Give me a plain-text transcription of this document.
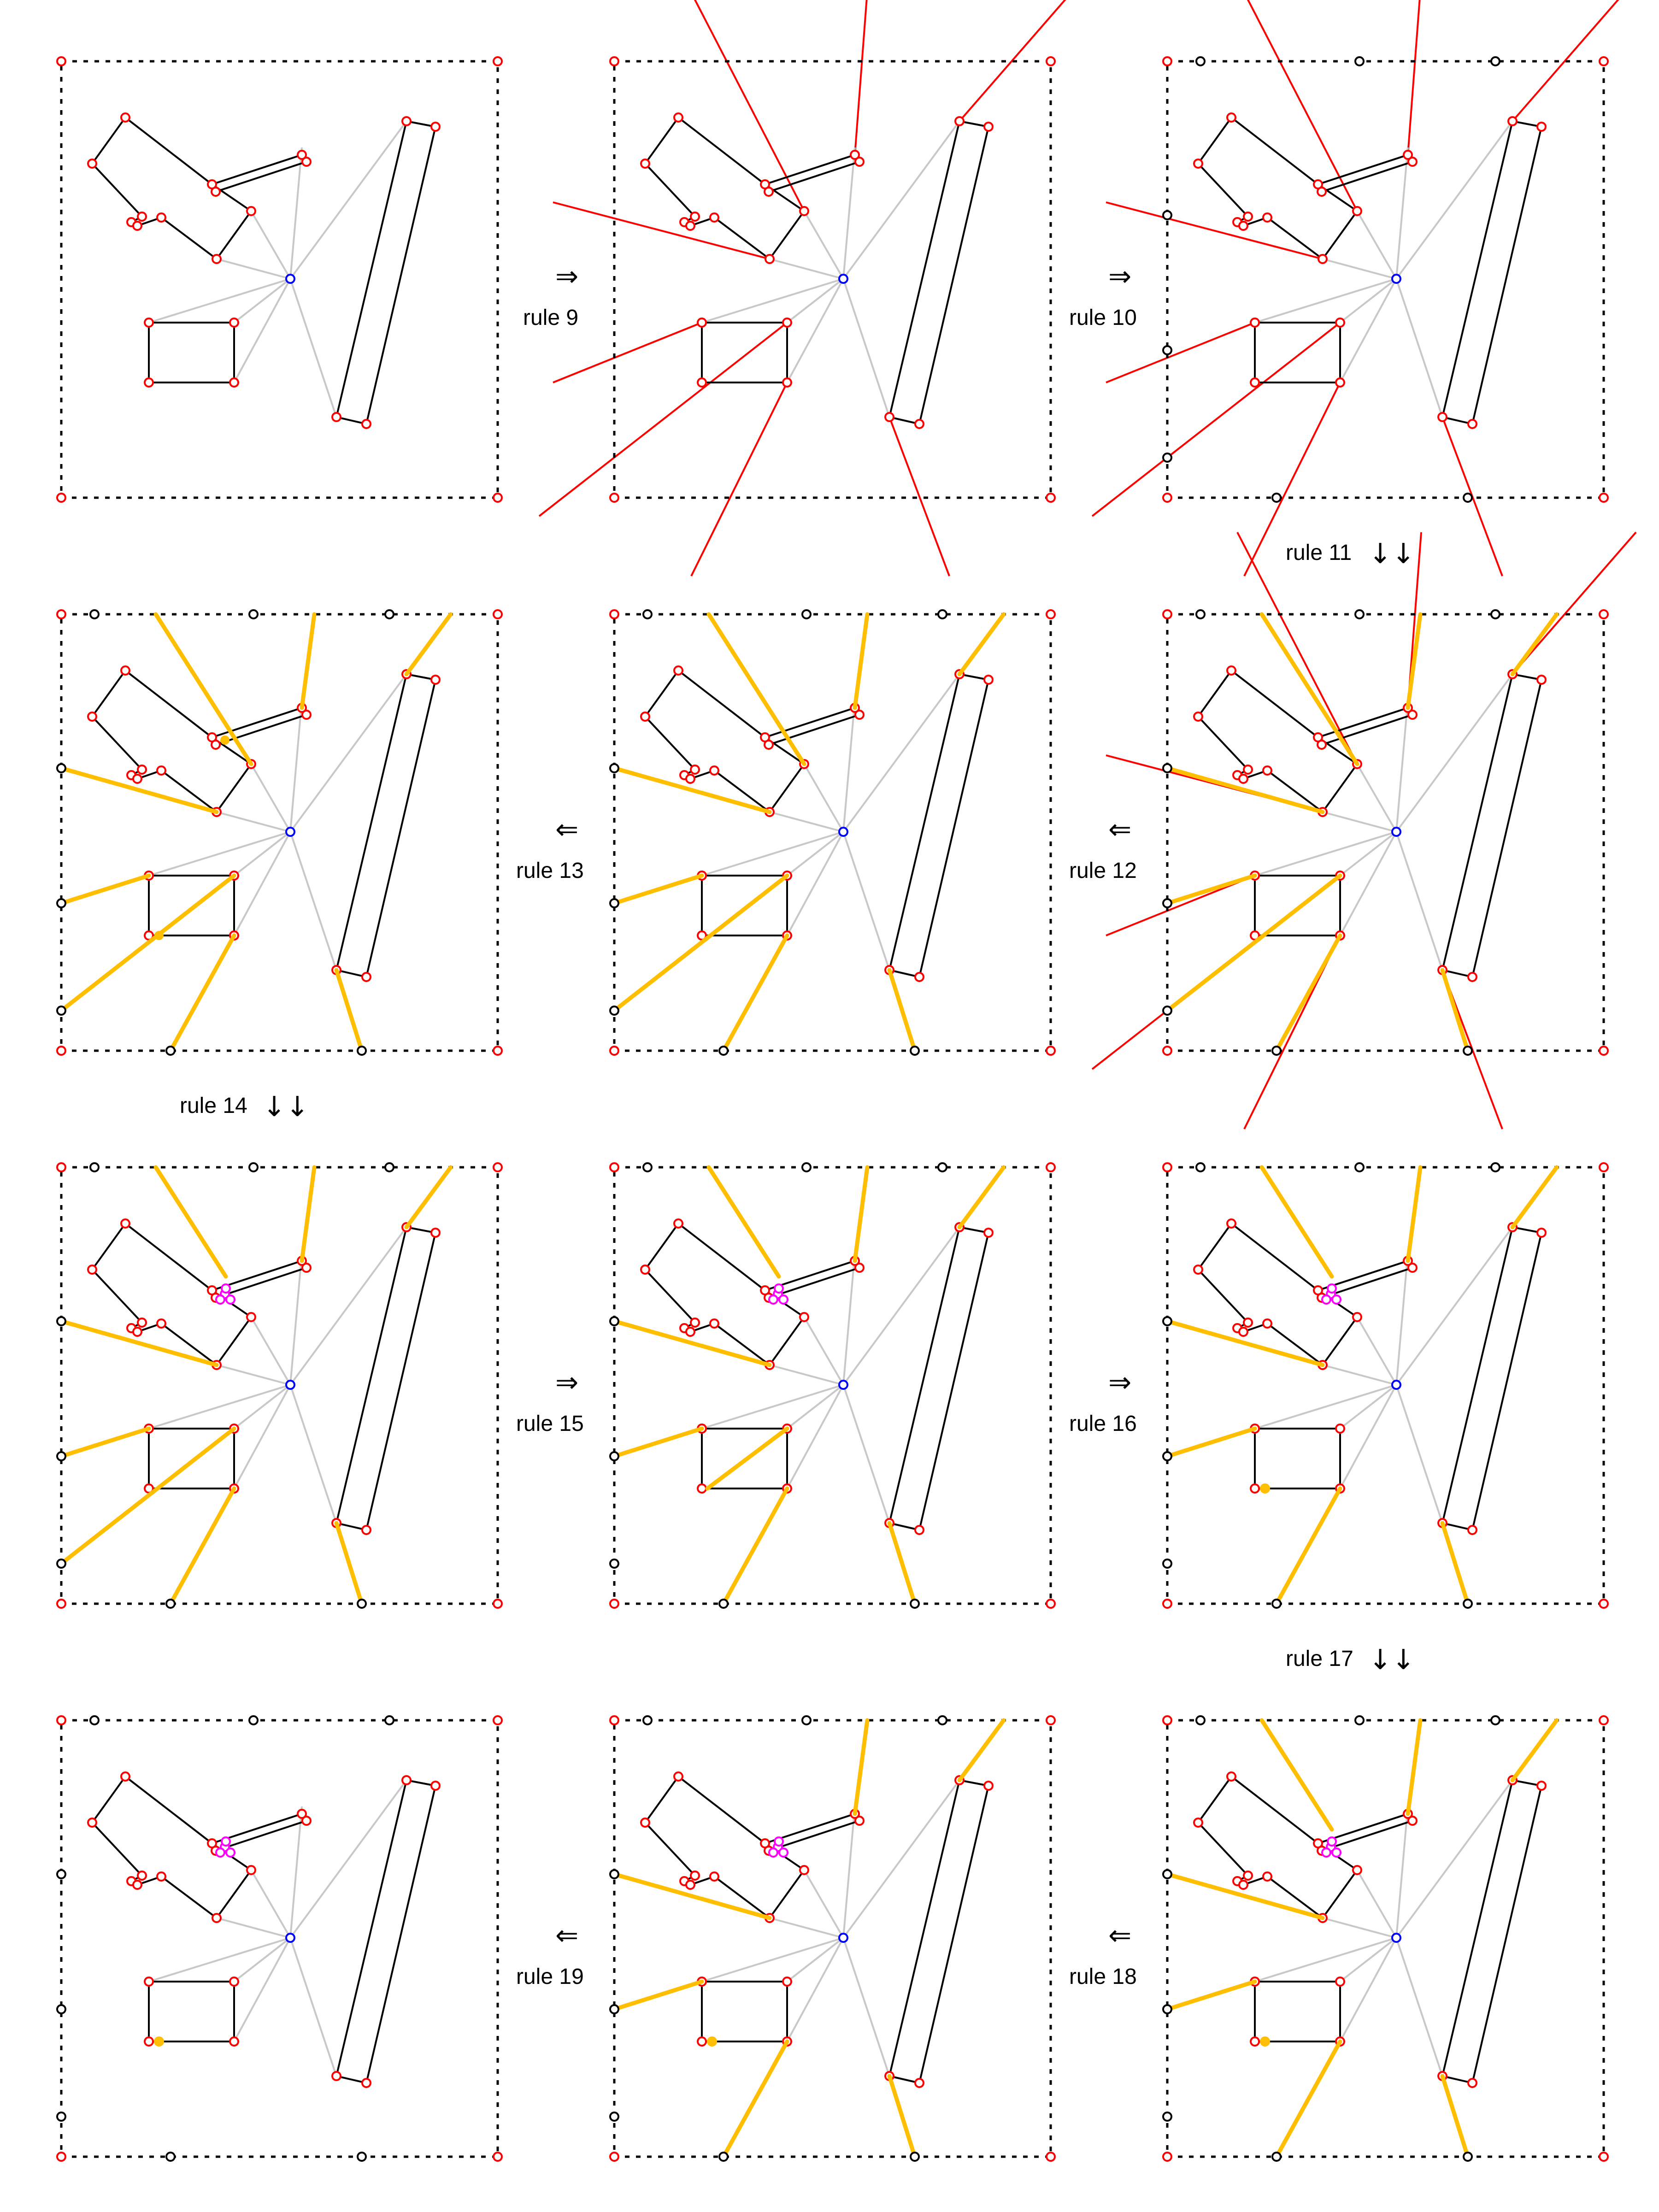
⇒
rule 9
⇒
rule 10
rule 11 ↓↓
⇐
rule 12
⇐
rule 13
rule 14 ↓↓
⇒
rule 15
⇒
rule 16
rule 17 ↓↓
⇐
rule 18
⇐
rule 19
